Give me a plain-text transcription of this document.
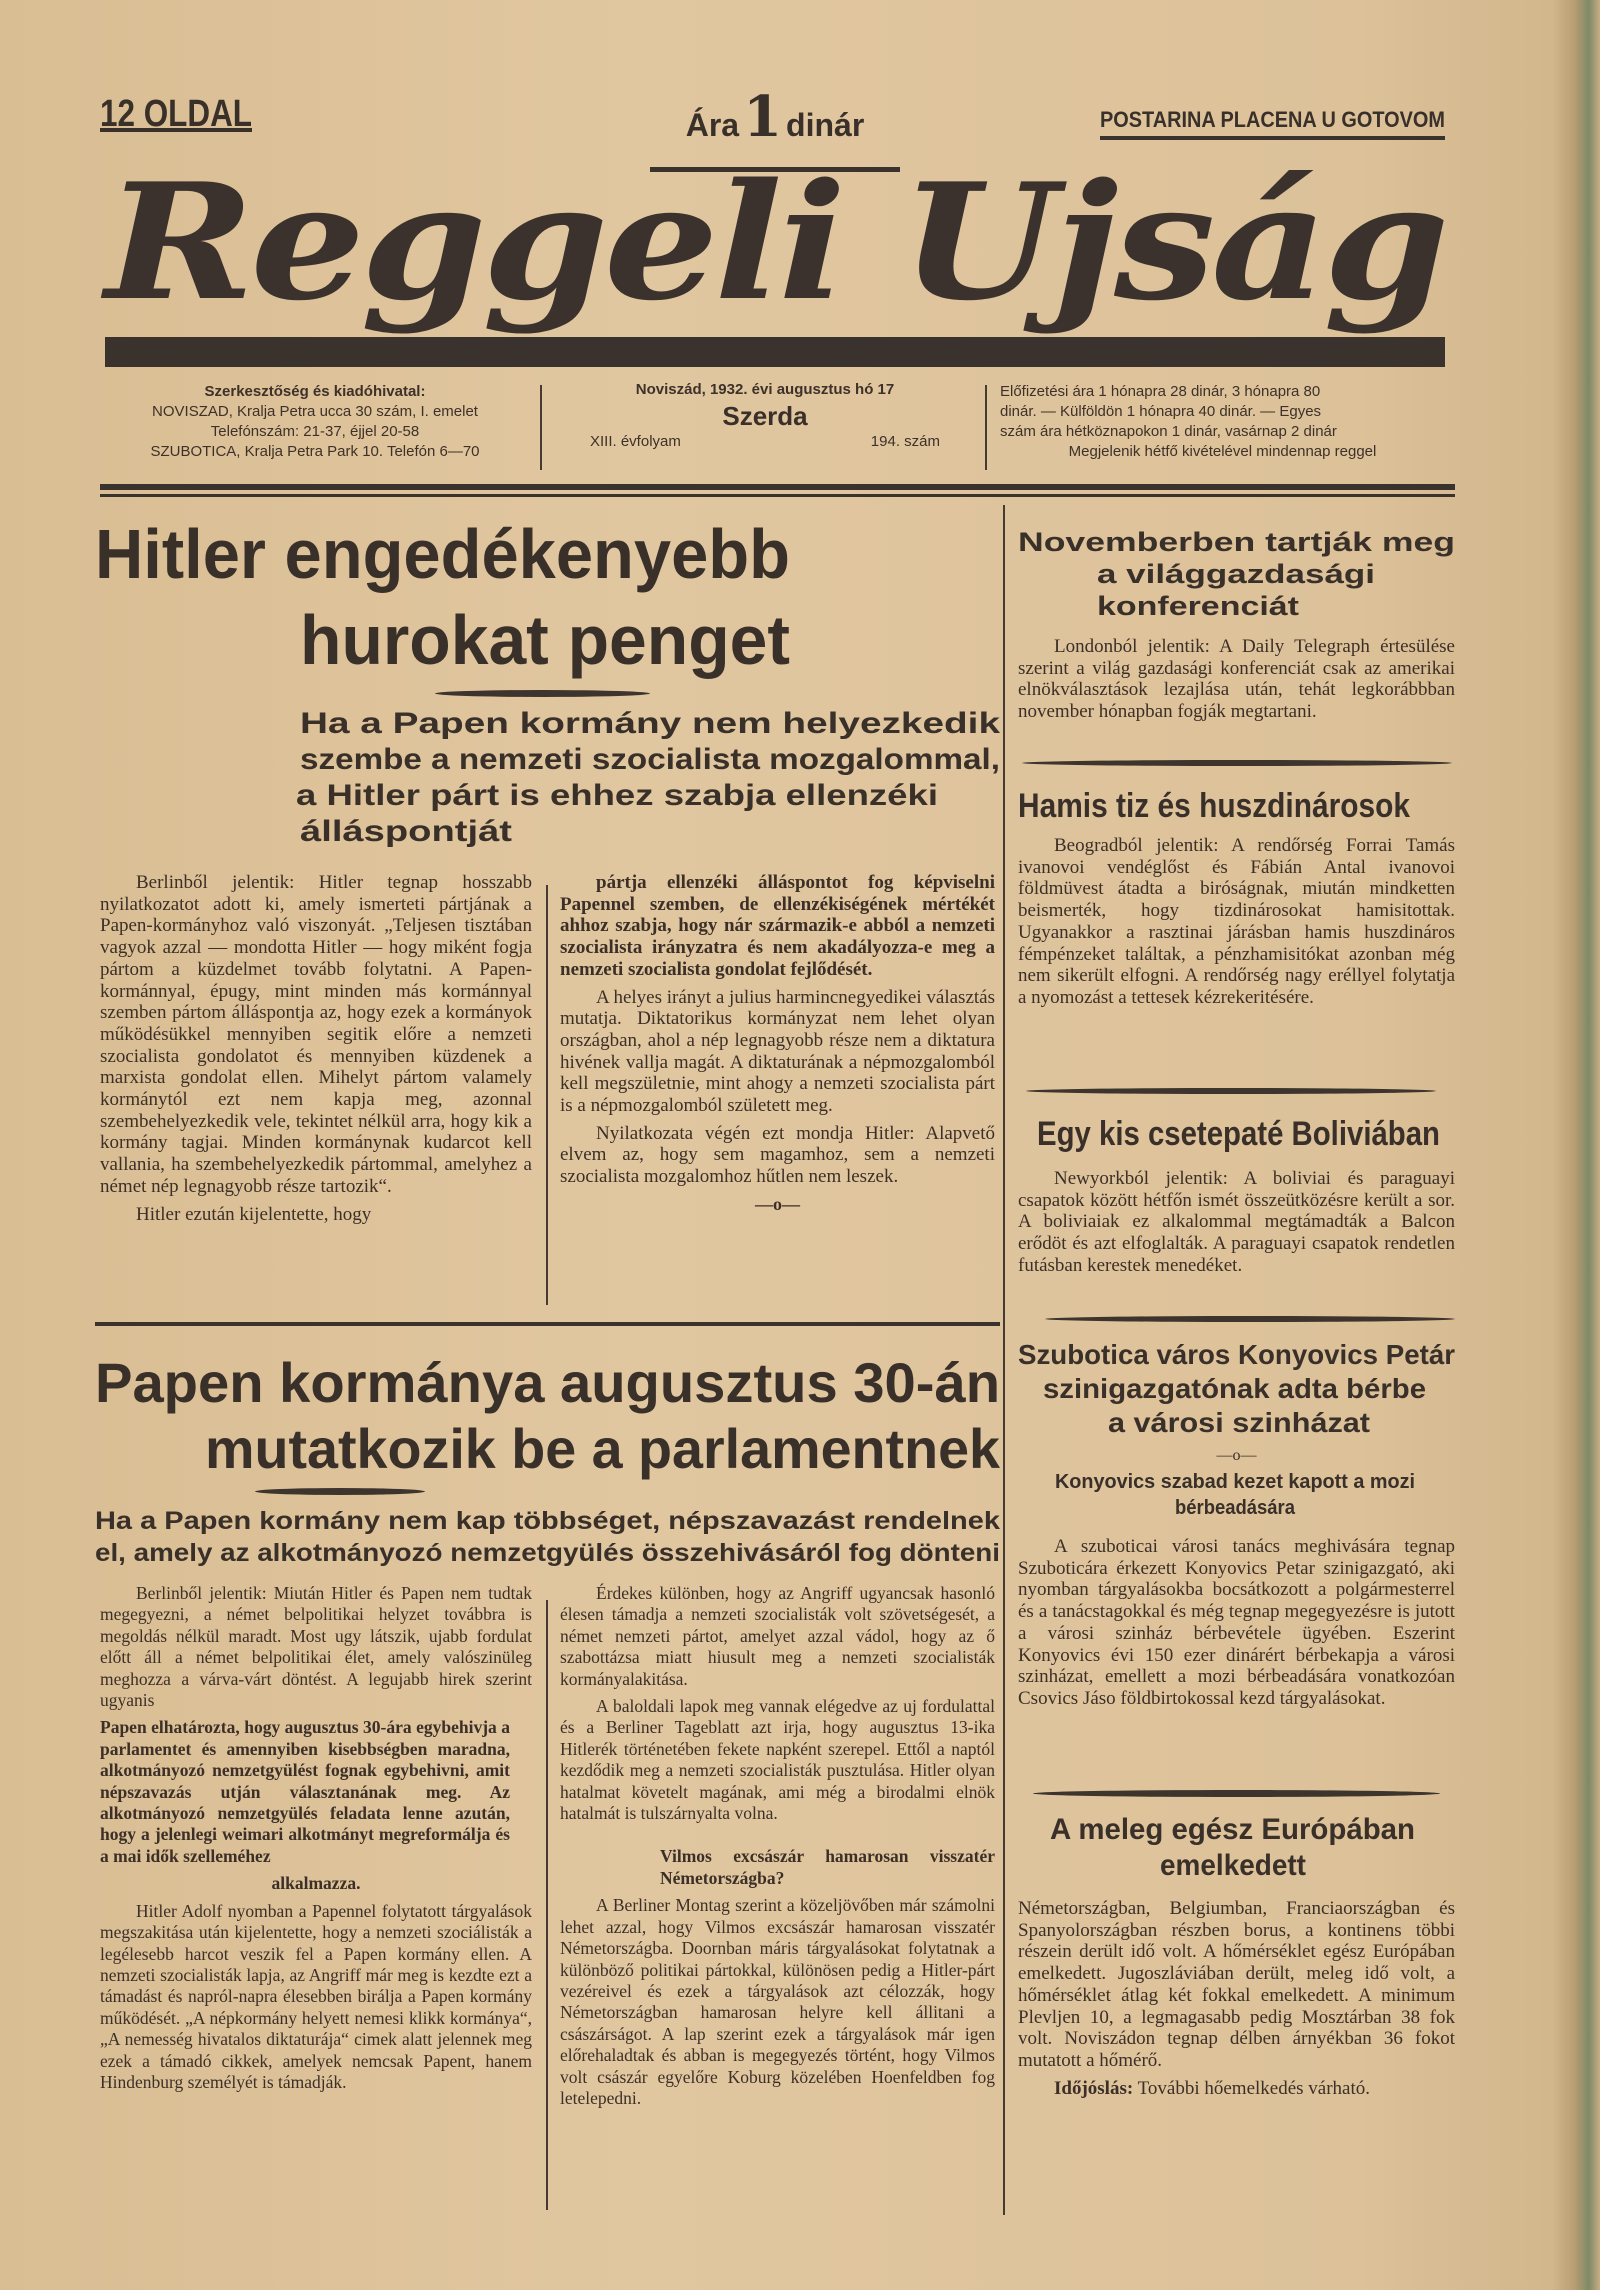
12 OLDAL	Ára 1 dinár	POSTARINA PLACENA U GOTOVOM
Reggeli Ujság
Szerkesztőség és kiadóhivatal:
NOVISZAD, Kralja Petra ucca 30 szám, I. emelet
Telefónszám: 21-37, éjjel 20-58
SZUBOTICA, Kralja Petra Park 10. Telefón 6—70
Noviszád, 1932. évi augusztus hó 17
Szerda
XIII. évfolyam	194. szám
Előfizetési ára 1 hónapra 28 dinár, 3 hónapra 80
dinár. — Külföldön 1 hónapra 40 dinár. — Egyes
szám ára hétköznapokon 1 dinár, vasárnap 2 dinár
Megjelenik hétfő kivételével mindennap reggel
Hitler engedékenyebb
hurokat penget
Ha a Papen kormány nem helyezkedik
szembe a nemzeti szocialista mozgalommal,
a Hitler párt is ehhez szabja ellenzéki
álláspontját

Berlinből jelentik: Hitler tegnap hosszabb nyilatkozatot adott ki, amely ismerteti pártjának a Papen-kormányhoz való viszonyát. „Teljesen tisztában vagyok azzal — mondotta Hitler — hogy miként fogja pártom a küzdelmet tovább folytatni. A Papen-kormánnyal, épugy, mint minden más kormánnyal szemben pártom álláspontja az, hogy ezek a kormányok működésükkel mennyiben segitik előre a nemzeti szocialista gondolatot és mennyiben küzdenek a marxista gondolat ellen. Mihelyt pártom valamely kormánytól ezt nem kapja meg, azonnal szembehelyezkedik vele, tekintet nélkül arra, hogy kik a kormány tagjai. Minden kormánynak kudarcot kell vallania, ha szembehelyezkedik pártommal, amelyhez a német nép legnagyobb része tartozik“.

Hitler ezután kijelentette, hogy

pártja ellenzéki álláspontot fog képviselni Papennel szemben, de ellenzékiségének mértékét ahhoz szabja, hogy nár származik-e abból a nemzeti szocialista irányzatra és nem akadályozza-e meg a nemzeti szocialista gondolat fejlődését.

A helyes irányt a julius harmincnegyedikei választás mutatja. Diktatorikus kormányzat nem lehet olyan országban, ahol a nép legnagyobb része nem a diktatura hivének vallja magát. A diktaturának a népmozgalomból kell megszületnie, mint ahogy a nemzeti szocialista párt is a népmozgalomból született meg.

Nyilatkozata végén ezt mondja Hitler: Alapvető elvem az, hogy sem magamhoz, sem a nemzeti szocialista mozgalomhoz hűtlen nem leszek.

—o—

Papen kormánya augusztus 30-án
mutatkozik be a parlamentnek
Ha a Papen kormány nem kap többséget, népszavazást rendelnek
el, amely az alkotmányozó nemzetgyülés összehivásáról fog dönteni

Berlinből jelentik: Miután Hitler és Papen nem tudtak megegyezni, a német belpolitikai helyzet továbbra is megoldás nélkül maradt. Most ugy látszik, ujabb fordulat előtt áll a német belpolitikai élet, amely valószinüleg meghozza a várva-várt döntést. A legujabb hirek szerint ugyanis

Papen elhatározta, hogy augusztus 30-ára egybehivja a parlamentet és amennyiben kisebbségben maradna, alkotmányozó nemzetgyülést fognak egybehivni, amit népszavazás utján választanának meg. Az alkotmányozó nemzetgyülés feladata lenne azután, hogy a jelenlegi weimari alkotmányt megreformálja és a mai idők szelleméhez

alkalmazza.

Hitler Adolf nyomban a Papennel folytatott tárgyalások megszakitása után kijelentette, hogy a nemzeti szociálisták a legélesebb harcot veszik fel a Papen kormány ellen. A nemzeti szocialisták lapja, az Angriff már meg is kezdte ezt a támadást és napról-napra élesebben birálja a Papen kormány működését. „A népkormány helyett nemesi klikk kormánya“, „A nemesség hivatalos diktaturája“ cimek alatt jelennek meg ezek a támadó cikkek, amelyek nemcsak Papent, hanem Hindenburg személyét is támadják.

Érdekes különben, hogy az Angriff ugyancsak hasonló élesen támadja a nemzeti szocialisták volt szövetségesét, a német nemzeti pártot, amelyet azzal vádol, hogy az ő szabottázsa miatt hiusult meg a nemzeti szocialisták kormányalakitása.

A baloldali lapok meg vannak elégedve az uj fordulattal és a Berliner Tageblatt azt irja, hogy augusztus 13-ika Hitlerék történetében fekete napként szerepel. Ettől a naptól kezdődik meg a nemzeti szocialisták pusztulása. Hitler olyan hatalmat követelt magának, ami még a birodalmi elnök hatalmát is tulszárnyalta volna.

Vilmos excsászár hamarosan visszatér Németországba?

A Berliner Montag szerint a közeljövőben már számolni lehet azzal, hogy Vilmos excsászár hamarosan visszatér Németországba. Doornban máris tárgyalásokat folytatnak a különböző politikai pártokkal, különösen pedig a Hitler-párt vezéreivel és ezek a tárgyalások azt célozzák, hogy Németországban hamarosan helyre kell állitani a császárságot. A lap szerint ezek a tárgyalások már igen előrehaladtak és abban is megegyezés történt, hogy Vilmos volt császár egyelőre Koburg közelében Hoenfeldben fog letelepedni.

Novemberben tartják meg
a világgazdasági
konferenciát

Londonból jelentik: A Daily Telegraph értesülése szerint a világ gazdasági konferenciát csak az amerikai elnökválasztások lezajlása után, tehát legkorábbban november hónapban fogják megtartani.

Hamis tiz és huszdinárosok

Beogradból jelentik: A rendőrség Forrai Tamás ivanovoi vendéglőst és Fábián Antal ivanovoi földmüvest átadta a biróságnak, miután mindketten beismerték, hogy tizdinárosokat hamisitottak. Ugyanakkor a rasztinai járásban hamis huszdináros fémpénzeket találtak, a pénzhamisitókat azonban még nem sikerült elfogni. A rendőrség nagy eréllyel folytatja a nyomozást a tettesek kézrekeritésére.

Egy kis csetepaté Boliviában

Newyorkból jelentik: A boliviai és paraguayi csapatok között hétfőn ismét összeütközésre került a sor. A boliviaiak ez alkalommal megtámadták a Balcon erődöt és azt elfoglalták. A paraguayi csapatok rendetlen futásban kerestek menedéket.

Szubotica város Konyovics Petár
szinigazgatónak adta bérbe
a városi szinházat
—o—
Konyovics szabad kezet kapott a mozi
bérbeadására

A szuboticai városi tanács meghivására tegnap Szuboticára érkezett Konyovics Petar szinigazgató, aki nyomban tárgyalásokba bocsátkozott a polgármesterrel és a tanácstagokkal és még tegnap megegyezésre is jutott a városi szinház bérbevétele ügyében. Eszerint Konyovics évi 150 ezer dinárért bérbekapja a városi szinházat, emellett a mozi bérbeadására vonatkozóan Csovics Jáso földbirtokossal kezd tárgyalásokat.

A meleg egész Európában
emelkedett

Németországban, Belgiumban, Franciaországban és Spanyolországban részben borus, a kontinens többi részein derült idő volt. A hőmérséklet egész Európában emelkedett. Jugoszláviában derült, meleg idő volt, a hőmérséklet átlag két fokkal emelkedett. A minimum Plevljen 10, a legmagasabb pedig Mosztárban 38 fok volt. Noviszádon tegnap délben árnyékban 36 fokot mutatott a hőmérő.

Időjóslás: További hőemelkedés várható.
